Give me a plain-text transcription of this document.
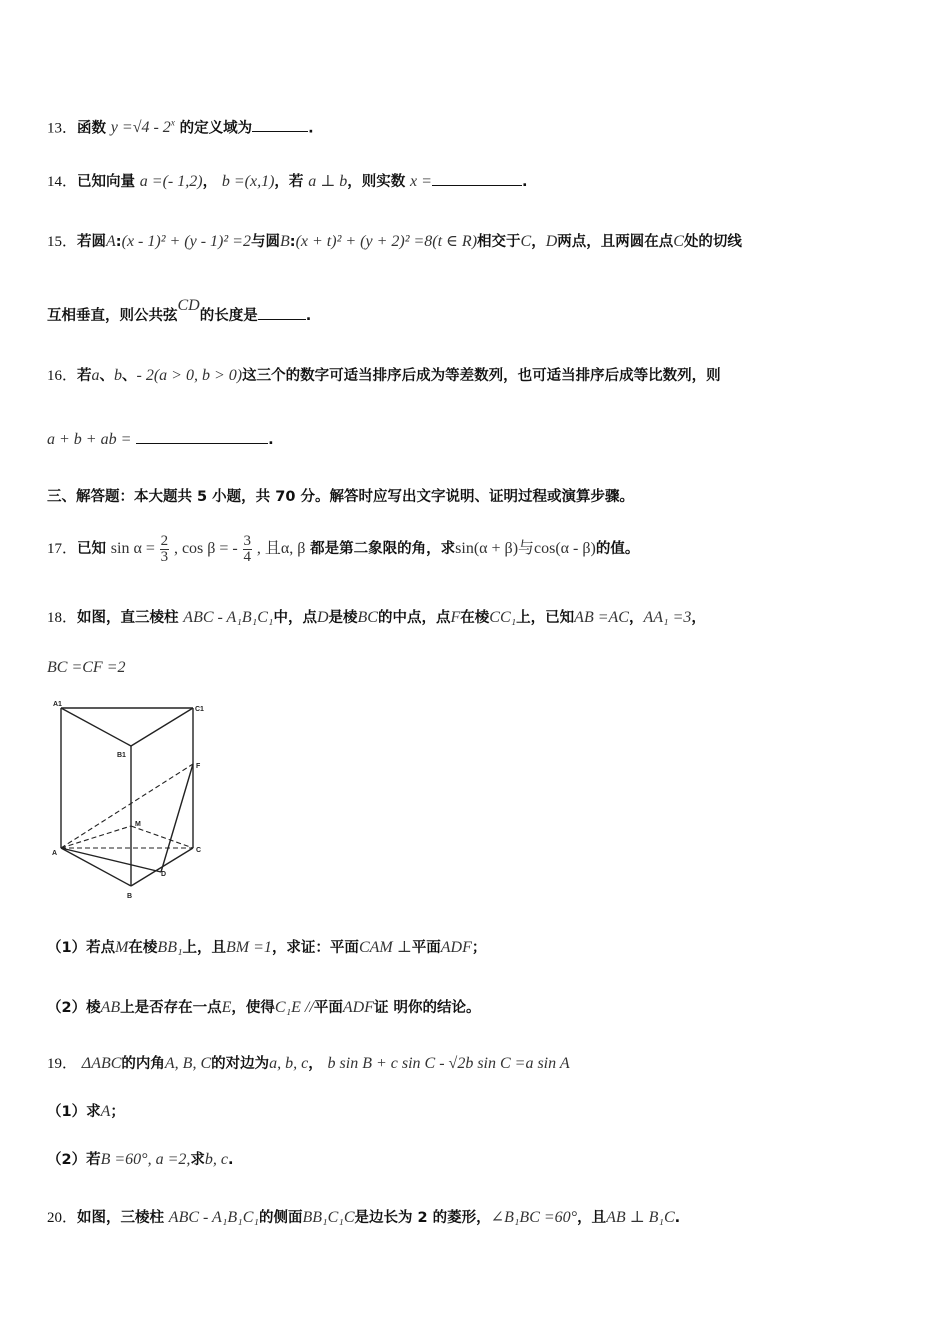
13．函数 y =√4 - 2$^x$ 的定义域为	.
14．已知向量 a =(- 1,2)， b =(x,1)，若 a ⊥ b，则实数 x =	.
15．若圆A:(x - 1)² + (y - 1)² =2与圆B:(x + t)² + (y + 2)² =8(t ∈ R)相交于C，D两点，且两圆在点C处的切线
互相垂直，则公共弦CD的长度是	.
16．若a、b、- 2(a > 0, b > 0)这三个的数字可适当排序后成为等差数列，也可适当排序后成等比数列，则
a + b + ab =	.
三、解答题：本大题共 5 小题，共 70 分。解答时应写出文字说明、证明过程或演算步骤。
17．已知 $\sin \alpha = \frac{2}{3}$ , cos β = - $\frac{3}{4}$ , 且α, β 都是第二象限的角，求sin(α + β)与cos(α - β)的值。
18．如图，直三棱柱 ABC - A₁B₁C₁中，点D是棱BC的中点，点F在棱CC₁上，已知AB =AC，AA₁ =3，
BC =CF =2
A1
C1
B1
F
M
A	C
D
B
（1）若点M在棱BB₁上，且BM =1，求证：平面CAM ⊥平面ADF；
（2）棱AB上是否存在一点E，使得C₁E //平面ADF证 明你的结论。
19． ΔABC的内角A, B, C的对边为a, b, c， b sin B + c sin C - √2b sin C =a sin A
（1）求A；
（2）若B =60°, a =2,求b, c.
20．如图，三棱柱 ABC - A₁B₁C₁的侧面BB₁C₁C是边长为 2 的菱形，∠B₁BC =60°，且AB ⊥ B₁C.
